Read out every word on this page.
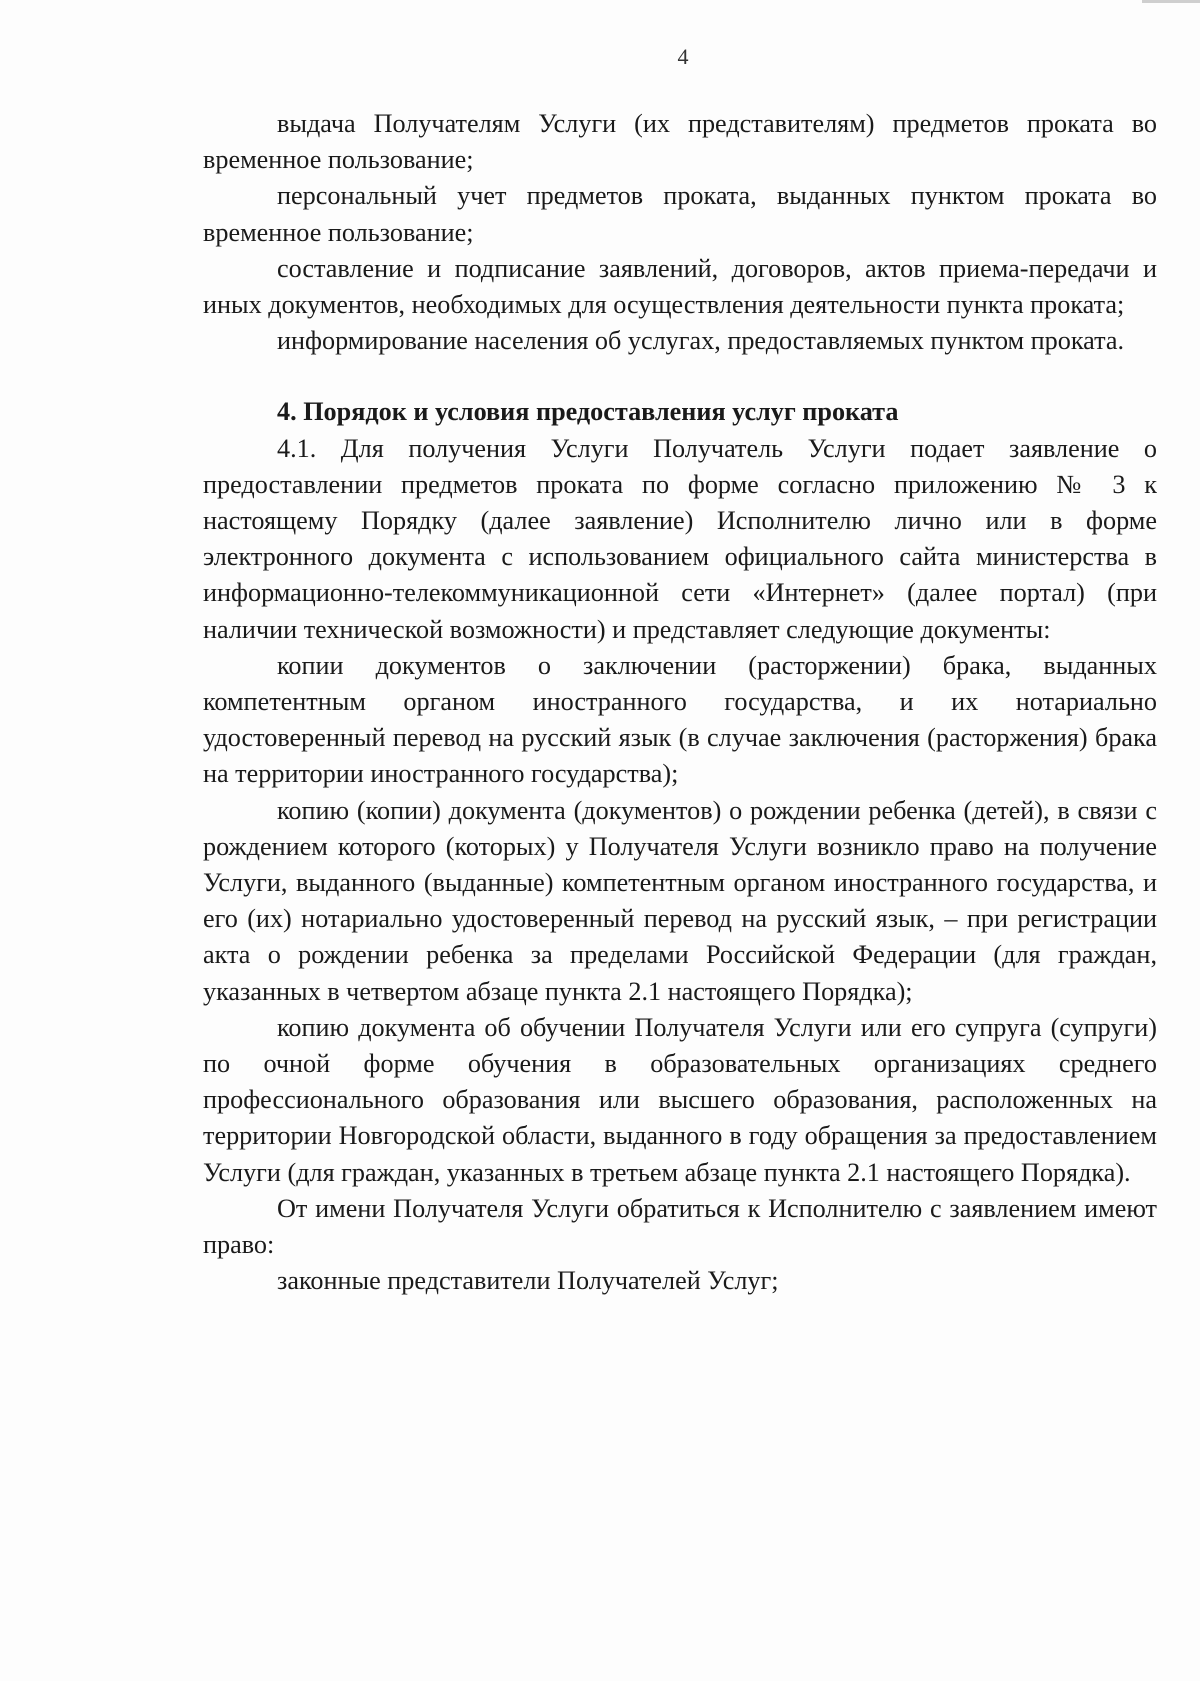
4

выдача Получателям Услуги (их представителям) предметов проката во временное пользование;

персональный учет предметов проката, выданных пунктом проката во временное пользование;

составление и подписание заявлений, договоров, актов приема-передачи и иных документов, необходимых для осуществления деятельности пункта проката;

информирование населения об услугах, предоставляемых пунктом проката.

4. Порядок и условия предоставления услуг проката

4.1. Для получения Услуги Получатель Услуги подает заявление о предоставлении предметов проката по форме согласно приложению № 3 к настоящему Порядку (далее заявление) Исполнителю лично или в форме электронного документа с использованием официального сайта министерства в информационно-телекоммуникационной сети «Интернет» (далее портал) (при наличии технической возможности) и представляет следующие документы:

копии документов о заключении (расторжении) брака, выданных компетентным органом иностранного государства, и их нотариально удостоверенный перевод на русский язык (в случае заключения (расторжения) брака на территории иностранного государства);

копию (копии) документа (документов) о рождении ребенка (детей), в связи с рождением которого (которых) у Получателя Услуги возникло право на получение Услуги, выданного (выданные) компетентным органом иностранного государства, и его (их) нотариально удостоверенный перевод на русский язык, – при регистрации акта о рождении ребенка за пределами Российской Федерации (для граждан, указанных в четвертом абзаце пункта 2.1 настоящего Порядка);

копию документа об обучении Получателя Услуги или его супруга (супруги) по очной форме обучения в образовательных организациях среднего профессионального образования или высшего образования, расположенных на территории Новгородской области, выданного в году обращения за предоставлением Услуги (для граждан, указанных в третьем абзаце пункта 2.1 настоящего Порядка).

От имени Получателя Услуги обратиться к Исполнителю с заявлением имеют право:

законные представители Получателей Услуг;
